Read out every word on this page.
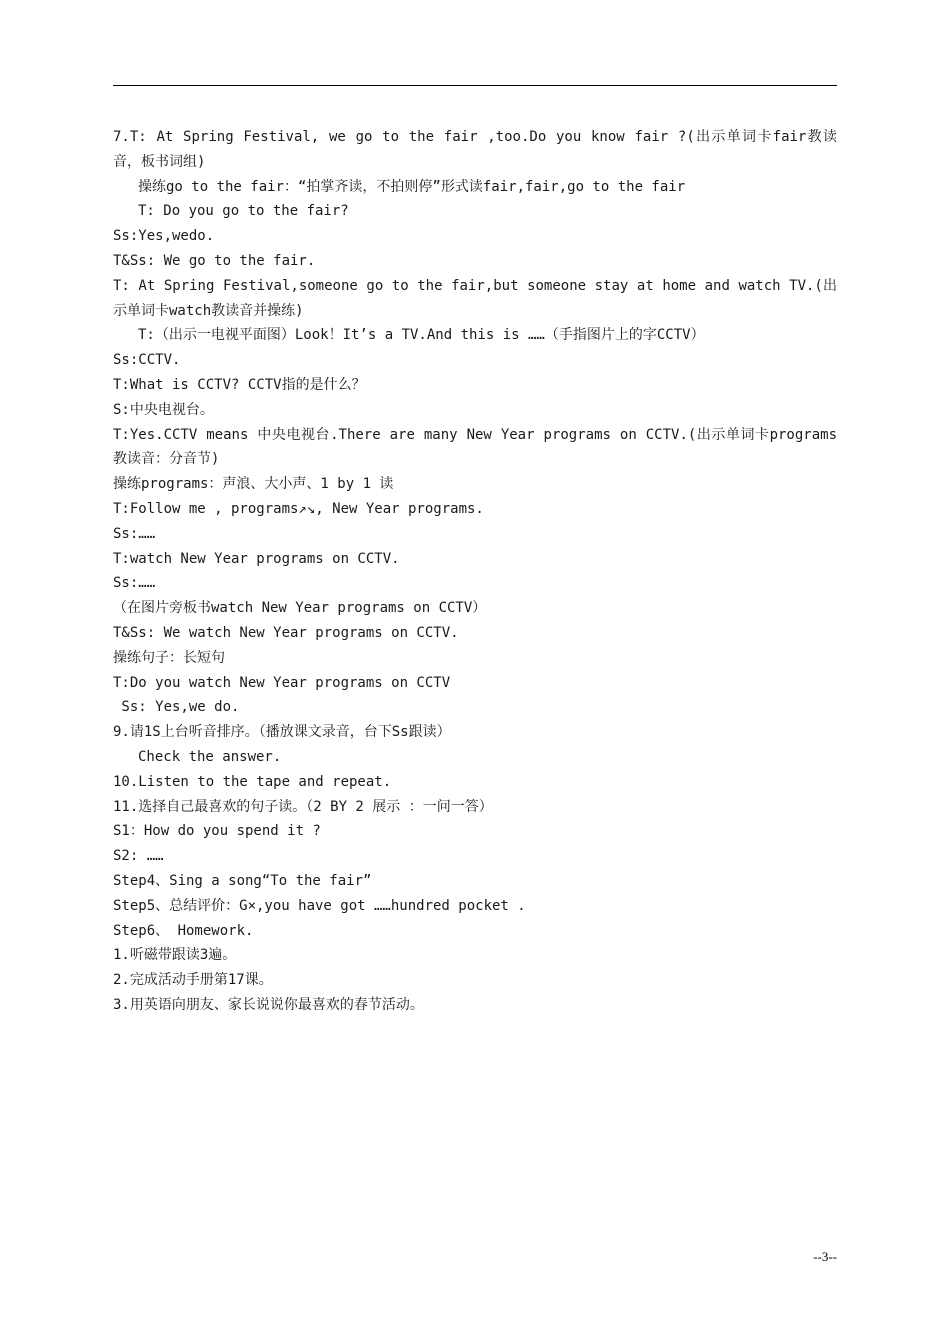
7.T: At Spring Festival, we go to the fair ,too.Do you know fair ?(出示单词卡fair教读音，板书词组)
操练go to the fair：“拍掌齐读，不拍则停”形式读fair,fair,go to the fair
T: Do you go to the fair?
Ss:Yes,wedo.
T&Ss: We go to the fair.
T: At Spring Festival,someone go to the fair,but someone stay at home and watch TV.(出示单词卡watch教读音并操练)
T:（出示一电视平面图）Look！It’s a TV.And this is ……（手指图片上的字CCTV）
Ss:CCTV.
T:What is CCTV? CCTV指的是什么？
S:中央电视台。
T:Yes.CCTV means 中央电视台.There are many New Year programs on CCTV.(出示单词卡programs教读音：分音节)
操练programs：声浪、大小声、1 by 1 读
T:Follow me , programs↗↘, New Year programs.
Ss:……
T:watch New Year programs on CCTV.
Ss:……
（在图片旁板书watch New Year programs on CCTV）
T&Ss: We watch New Year programs on CCTV.
操练句子：长短句
T:Do you watch New Year programs on CCTV
Ss: Yes,we do.
9.请1S上台听音排序。（播放课文录音，台下Ss跟读）
Check the answer.
10.Listen to the tape and repeat.
11.选择自己最喜欢的句子读。（2 BY 2 展示 ：一问一答）
S1：How do you spend it ?
S2: ……
Step4、Sing a song“To the fair”
Step5、总结评价：G×,you have got ……hundred pocket .
Step6、 Homework.
1.听磁带跟读3遍。
2.完成活动手册第17课。
3.用英语向朋友、家长说说你最喜欢的春节活动。
--3--
